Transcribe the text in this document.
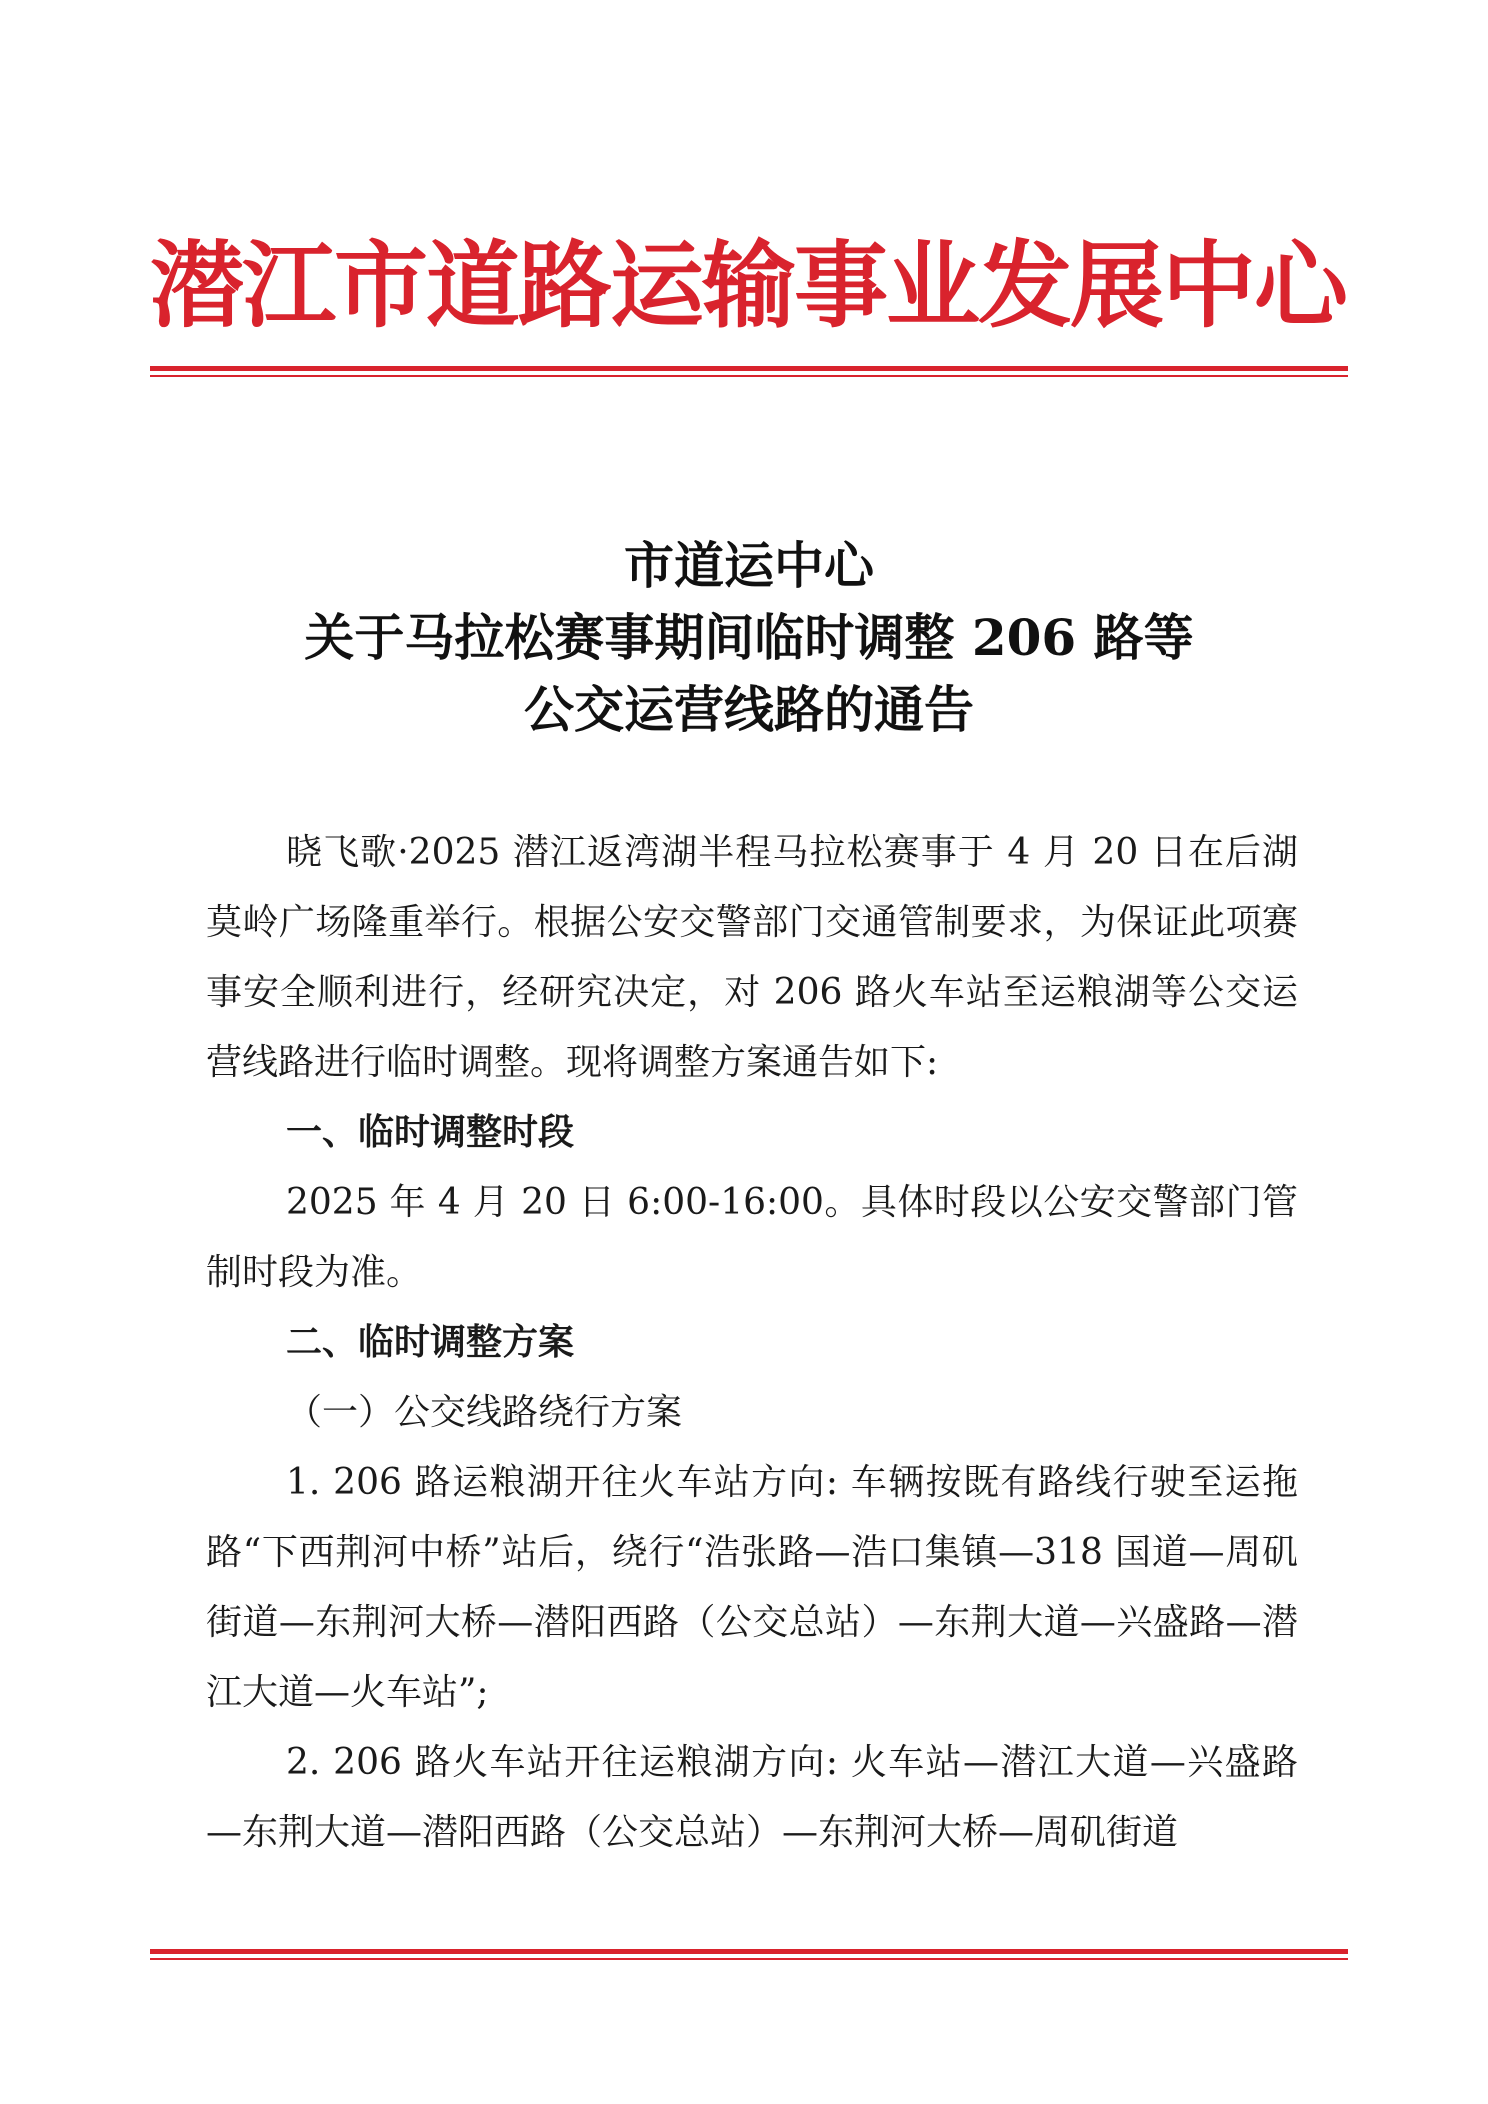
潜江市道路运输事业发展中心
市道运中心
关于马拉松赛事期间临时调整 206 路等
公交运营线路的通告

晓飞歌·2025 潜江返湾湖半程马拉松赛事于 4 月 20 日在后湖莫岭广场隆重举行。根据公安交警部门交通管制要求，为保证此项赛事安全顺利进行，经研究决定，对 206 路火车站至运粮湖等公交运营线路进行临时调整。现将调整方案通告如下:

一、临时调整时段

2025 年 4 月 20 日 6:00-16:00。具体时段以公安交警部门管制时段为准。

二、临时调整方案

（一）公交线路绕行方案

1. 206 路运粮湖开往火车站方向: 车辆按既有路线行驶至运拖路“下西荆河中桥”站后，绕行“浩张路—浩口集镇—318 国道—周矶街道—东荆河大桥—潜阳西路（公交总站）—东荆大道—兴盛路—潜江大道—火车站”;

2. 206 路火车站开往运粮湖方向: 火车站—潜江大道—兴盛路—东荆大道—潜阳西路（公交总站）—东荆河大桥—周矶街道
